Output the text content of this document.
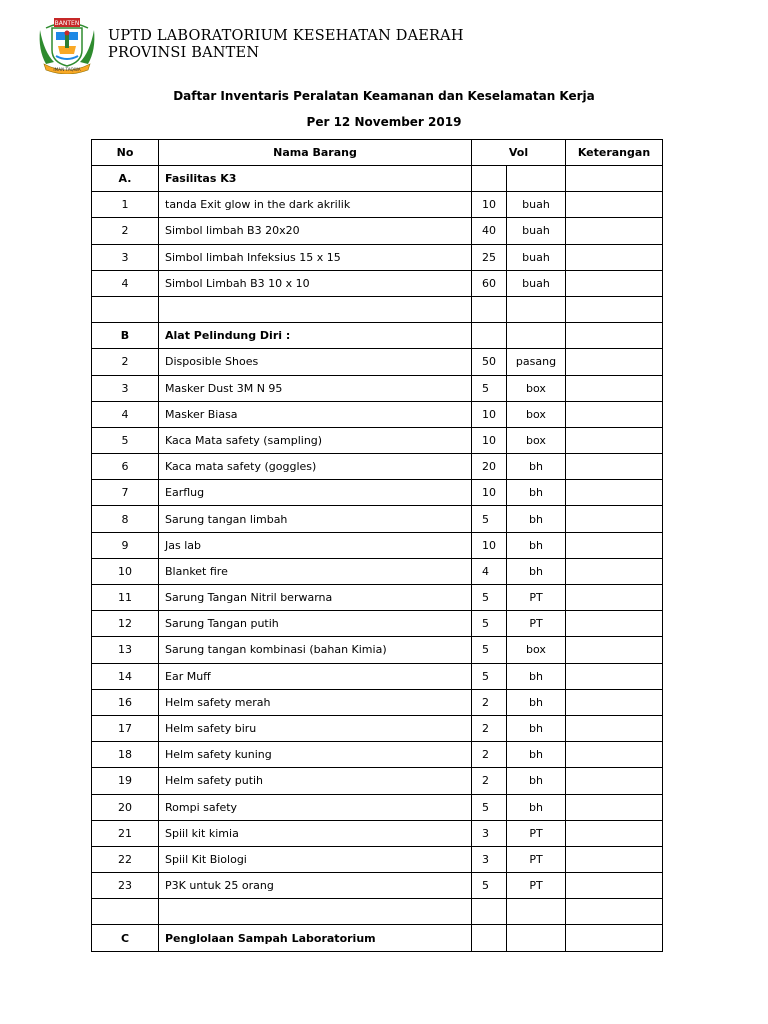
BANTEN
IMAN TAQWA
UPTD LABORATORIUM KESEHATAN DAERAH
PROVINSI BANTEN
Daftar Inventaris Peralatan Keamanan dan Keselamatan Kerja
Per 12 November 2019
No	Nama Barang	Vol		Keterangan
A.	Fasilitas K3			
1	tanda Exit glow in the dark akrilik	10	buah	
2	Simbol limbah B3 20x20	40	buah	
3	Simbol limbah Infeksius 15 x 15	25	buah	
4	Simbol Limbah B3 10 x 10	60	buah	

B	Alat Pelindung Diri :			
2	Disposible Shoes	50	pasang	
3	Masker Dust 3M N 95	5	box	
4	Masker Biasa	10	box	
5	Kaca Mata safety (sampling)	10	box	
6	Kaca mata safety (goggles)	20	bh	
7	Earflug	10	bh	
8	Sarung tangan limbah	5	bh	
9	Jas lab	10	bh	
10	Blanket fire	4	bh	
11	Sarung Tangan Nitril berwarna	5	PT	
12	Sarung Tangan putih	5	PT	
13	Sarung tangan kombinasi (bahan Kimia)	5	box	
14	Ear Muff	5	bh	
16	Helm safety merah	2	bh	
17	Helm safety biru	2	bh	
18	Helm safety kuning	2	bh	
19	Helm safety putih	2	bh	
20	Rompi safety	5	bh	
21	Spiil kit kimia	3	PT	
22	Spiil Kit Biologi	3	PT	
23	P3K untuk 25 orang	5	PT	

C	Penglolaan Sampah Laboratorium			
